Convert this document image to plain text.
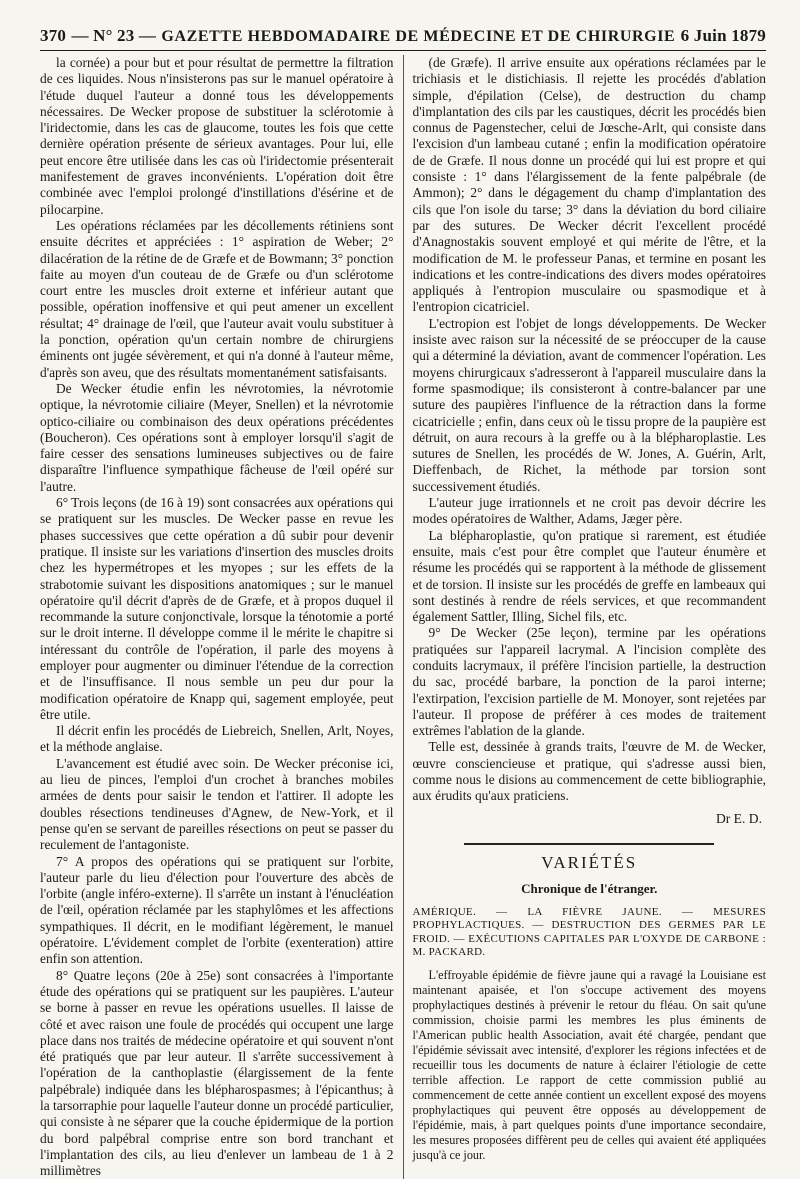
370 — N° 23 — GAZETTE HEBDOMADAIRE DE MÉDECINE ET DE CHIRURGIE 6 Juin 1879

la cornée) a pour but et pour résultat de permettre la filtration de ces liquides. Nous n'insisterons pas sur le manuel opératoire à l'étude duquel l'auteur a donné tous les développements nécessaires. De Wecker propose de substituer la sclérotomie à l'iridectomie, dans les cas de glaucome, toutes les fois que cette dernière opération présente de sérieux avantages. Pour lui, elle peut encore être utilisée dans les cas où l'iridectomie présenterait manifestement de graves inconvénients. L'opération doit être combinée avec l'emploi prolongé d'instillations d'ésérine et de pilocarpine.

Les opérations réclamées par les décollements rétiniens sont ensuite décrites et appréciées : 1° aspiration de Weber; 2° dilacération de la rétine de de Græfe et de Bowmann; 3° ponction faite au moyen d'un couteau de de Græfe ou d'un sclérotome court entre les muscles droit externe et inférieur autant que possible, opération inoffensive et qui peut amener un excellent résultat; 4° drainage de l'œil, que l'auteur avait voulu substituer à la ponction, opération qu'un certain nombre de chirurgiens éminents ont jugée sévèrement, et qui n'a donné à l'auteur même, d'après son aveu, que des résultats momentanément satisfaisants.

De Wecker étudie enfin les névrotomies, la névrotomie optique, la névrotomie ciliaire (Meyer, Snellen) et la névrotomie optico-ciliaire ou combinaison des deux opérations précédentes (Boucheron). Ces opérations sont à employer lorsqu'il s'agit de faire cesser des sensations lumineuses subjectives ou de faire disparaître l'influence sympathique fâcheuse de l'œil opéré sur l'autre.

6° Trois leçons (de 16 à 19) sont consacrées aux opérations qui se pratiquent sur les muscles. De Wecker passe en revue les phases successives que cette opération a dû subir pour devenir pratique. Il insiste sur les variations d'insertion des muscles droits chez les hypermétropes et les myopes ; sur les effets de la strabotomie suivant les dispositions anatomiques ; sur le manuel opératoire qu'il décrit d'après de de Græfe, et à propos duquel il recommande la suture conjonctivale, lorsque la ténotomie a porté sur le droit interne. Il développe comme il le mérite le chapitre si intéressant du contrôle de l'opération, il parle des moyens à employer pour augmenter ou diminuer l'étendue de la correction et de l'insuffisance. Il nous semble un peu dur pour la modification opératoire de Knapp qui, sagement employée, peut être utile.

Il décrit enfin les procédés de Liebreich, Snellen, Arlt, Noyes, et la méthode anglaise.

L'avancement est étudié avec soin. De Wecker préconise ici, au lieu de pinces, l'emploi d'un crochet à branches mobiles armées de dents pour saisir le tendon et l'attirer. Il adopte les doubles résections tendineuses d'Agnew, de New-York, et il pense qu'en se servant de pareilles résections on peut se passer du reculement de l'antagoniste.

7° A propos des opérations qui se pratiquent sur l'orbite, l'auteur parle du lieu d'élection pour l'ouverture des abcès de l'orbite (angle inféro-externe). Il s'arrête un instant à l'énucléation de l'œil, opération réclamée par les staphylômes et les affections sympathiques. Il décrit, en le modifiant légèrement, le manuel opératoire. L'évidement complet de l'orbite (exenteration) attire enfin son attention.

8° Quatre leçons (20e à 25e) sont consacrées à l'importante étude des opérations qui se pratiquent sur les paupières. L'auteur se borne à passer en revue les opérations usuelles. Il laisse de côté et avec raison une foule de procédés qui occupent une large place dans nos traités de médecine opératoire et qui souvent n'ont été pratiqués que par leur auteur. Il s'arrête successivement à l'opération de la canthoplastie (élargissement de la fente palpébrale) indiquée dans les blépharospasmes; à l'épicanthus; à la tarsorraphie pour laquelle l'auteur donne un procédé particulier, qui consiste à ne séparer que la couche épidermique de la portion du bord palpébral comprise entre son bord tranchant et l'implantation des cils, au lieu d'enlever un lambeau de 1 à 2 millimètres

(de Græfe). Il arrive ensuite aux opérations réclamées par le trichiasis et le distichiasis. Il rejette les procédés d'ablation simple, d'épilation (Celse), de destruction du champ d'implantation des cils par les caustiques, décrit les procédés bien connus de Pagenstecher, celui de Jœsche-Arlt, qui consiste dans l'excision d'un lambeau cutané ; enfin la modification opératoire de de Græfe. Il nous donne un procédé qui lui est propre et qui consiste : 1° dans l'élargissement de la fente palpébrale (de Ammon); 2° dans le dégagement du champ d'implantation des cils que l'on isole du tarse; 3° dans la déviation du bord ciliaire par des sutures. De Wecker décrit l'excellent procédé d'Anagnostakis souvent employé et qui mérite de l'être, et la modification de M. le professeur Panas, et termine en posant les indications et les contre-indications des divers modes opératoires appliqués à l'entropion musculaire ou spasmodique et à l'entropion cicatriciel.

L'ectropion est l'objet de longs développements. De Wecker insiste avec raison sur la nécessité de se préoccuper de la cause qui a déterminé la déviation, avant de commencer l'opération. Les moyens chirurgicaux s'adresseront à l'appareil musculaire dans la forme spasmodique; ils consisteront à contre-balancer par une suture des paupières l'influence de la rétraction dans la forme cicatricielle ; enfin, dans ceux où le tissu propre de la paupière est détruit, on aura recours à la greffe ou à la blépharoplastie. Les sutures de Snellen, les procédés de W. Jones, A. Guérin, Arlt, Dieffenbach, de Richet, la méthode par torsion sont successivement étudiés.

L'auteur juge irrationnels et ne croit pas devoir décrire les modes opératoires de Walther, Adams, Jæger père.

La blépharoplastie, qu'on pratique si rarement, est étudiée ensuite, mais c'est pour être complet que l'auteur énumère et résume les procédés qui se rapportent à la méthode de glissement et de torsion. Il insiste sur les procédés de greffe en lambeaux qui sont destinés à rendre de réels services, et que recommandent également Sattler, Illing, Sichel fils, etc.

9° De Wecker (25e leçon), termine par les opérations pratiquées sur l'appareil lacrymal. A l'incision complète des conduits lacrymaux, il préfère l'incision partielle, la destruction du sac, procédé barbare, la ponction de la paroi interne; l'extirpation, l'excision partielle de M. Monoyer, sont rejetées par l'auteur. Il propose de préférer à ces modes de traitement extrêmes l'ablation de la glande.

Telle est, dessinée à grands traits, l'œuvre de M. de Wecker, œuvre consciencieuse et pratique, qui s'adresse aussi bien, comme nous le disions au commencement de cette bibliographie, aux érudits qu'aux praticiens.

Dr E. D.
VARIÉTÉS
Chronique de l'étranger.
AMÉRIQUE. — LA FIÈVRE JAUNE. — MESURES PROPHYLACTIQUES. — DESTRUCTION DES GERMES PAR LE FROID. — EXÉCUTIONS CAPITALES PAR L'OXYDE DE CARBONE : M. PACKARD.

L'effroyable épidémie de fièvre jaune qui a ravagé la Louisiane est maintenant apaisée, et l'on s'occupe activement des moyens prophylactiques destinés à prévenir le retour du fléau. On sait qu'une commission, choisie parmi les membres les plus éminents de l'American public health Association, avait été chargée, pendant que l'épidémie sévissait avec intensité, d'explorer les régions infectées et de recueillir tous les documents de nature à éclairer l'étiologie de cette terrible affection. Le rapport de cette commission publié au commencement de cette année contient un excellent exposé des moyens prophylactiques qui peuvent être opposés au développement de l'épidémie, mais, à part quelques points d'une importance secondaire, les mesures proposées diffèrent peu de celles qui avaient été appliquées jusqu'à ce jour.
